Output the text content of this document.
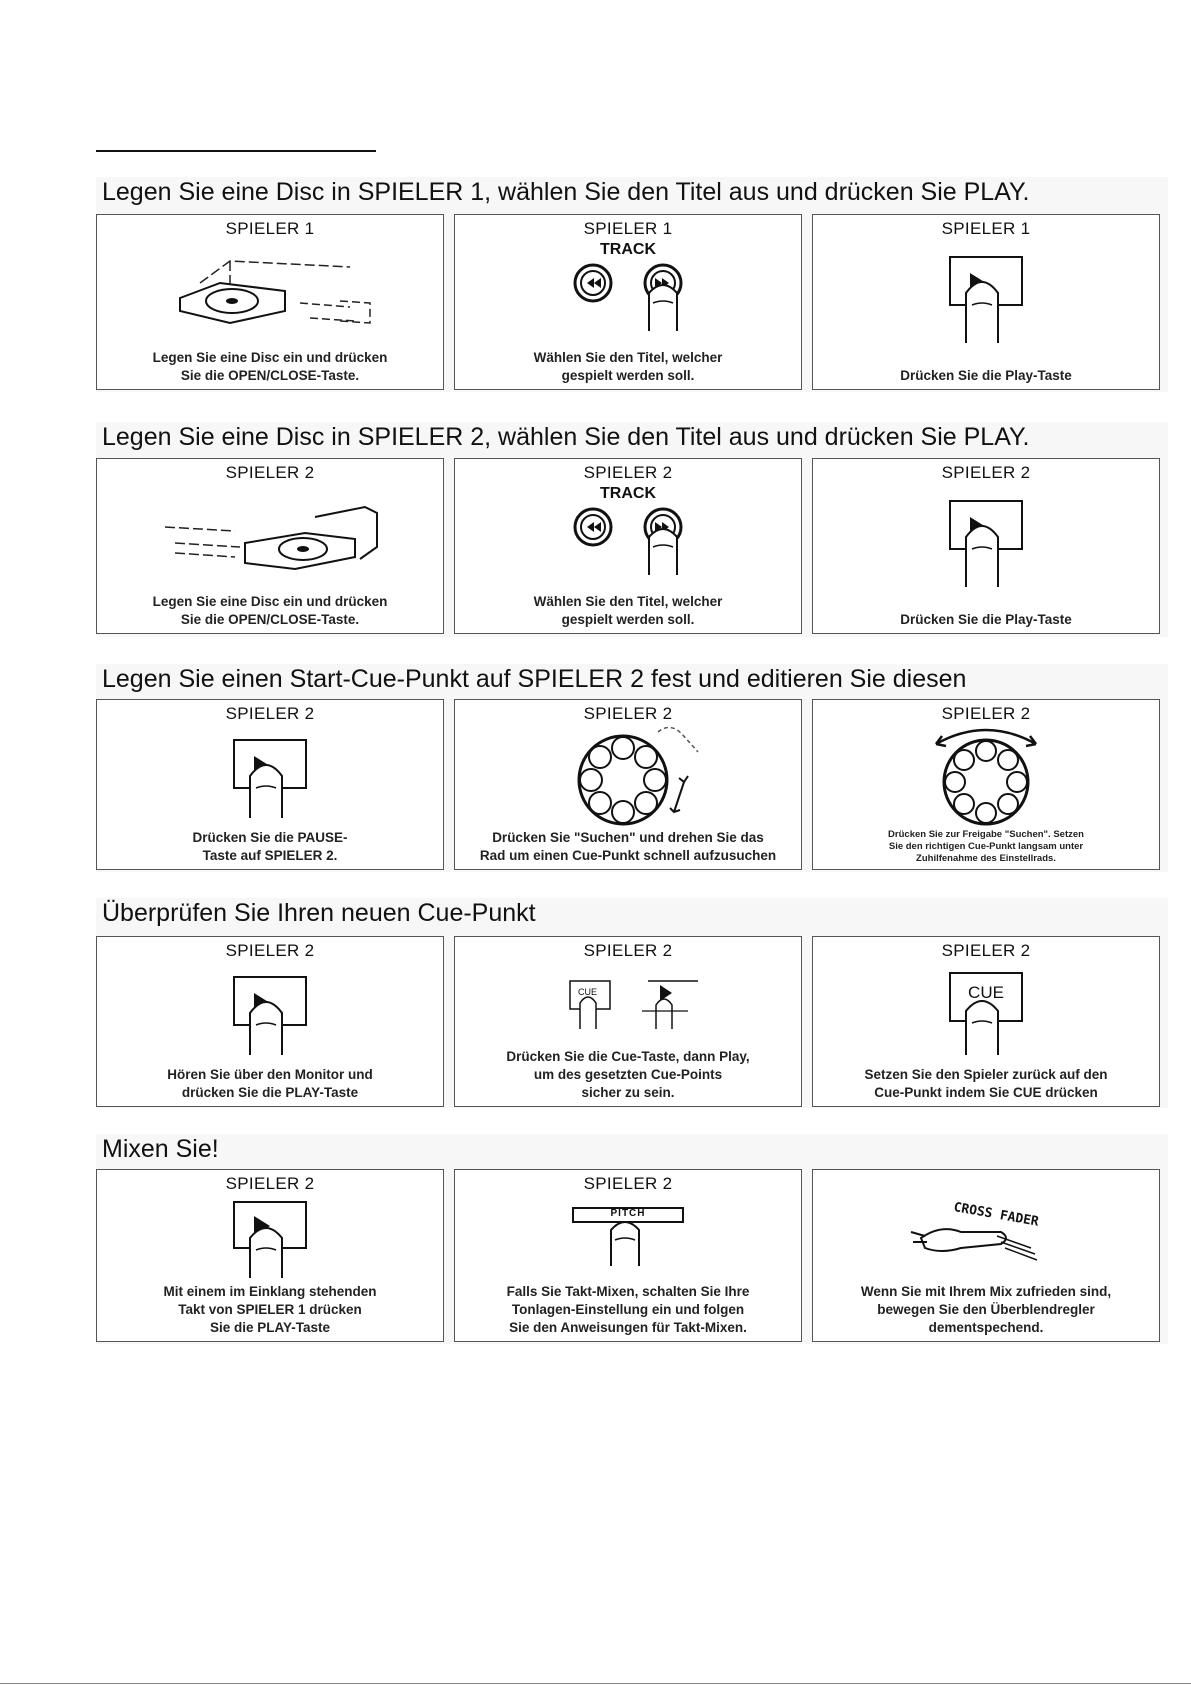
Legen Sie eine Disc in SPIELER 1, wählen Sie den Titel aus und drücken Sie PLAY.
SPIELER 1
Legen Sie eine Disc ein und drücken
Sie die OPEN/CLOSE-Taste.
SPIELER 1
TRACK
Wählen Sie den Titel, welcher
gespielt werden soll.
SPIELER 1
Drücken Sie die Play-Taste
Legen Sie eine Disc in SPIELER 2, wählen Sie den Titel aus und drücken Sie PLAY.
SPIELER 2
Legen Sie eine Disc ein und drücken
Sie die OPEN/CLOSE-Taste.
SPIELER 2
TRACK
Wählen Sie den Titel, welcher
gespielt werden soll.
SPIELER 2
Drücken Sie die Play-Taste
Legen Sie einen Start-Cue-Punkt auf SPIELER 2 fest und editieren Sie diesen
SPIELER 2
Drücken Sie die PAUSE-
Taste auf SPIELER 2.
SPIELER 2
Drücken Sie "Suchen" und drehen Sie das
Rad um einen Cue-Punkt schnell aufzusuchen
SPIELER 2
Drücken Sie zur Freigabe "Suchen". Setzen
Sie den richtigen Cue-Punkt langsam unter
Zuhilfenahme des Einstellrads.
Überprüfen Sie Ihren neuen Cue-Punkt
SPIELER 2
Hören Sie über den Monitor und
drücken Sie die PLAY-Taste
SPIELER 2
CUE
Drücken Sie die Cue-Taste, dann Play,
um des gesetzten Cue-Points
sicher zu sein.
SPIELER 2
CUE
Setzen Sie den Spieler zurück auf den
Cue-Punkt indem Sie CUE drücken
Mixen Sie!
SPIELER 2
Mit einem im Einklang stehenden
Takt von SPIELER 1 drücken
Sie die PLAY-Taste
SPIELER 2
PITCH
Falls Sie Takt-Mixen, schalten Sie Ihre
Tonlagen-Einstellung ein und folgen
Sie den Anweisungen für Takt-Mixen.
CROSS FADER
Wenn Sie mit Ihrem Mix zufrieden sind,
bewegen Sie den Überblendregler
dementspechend.
